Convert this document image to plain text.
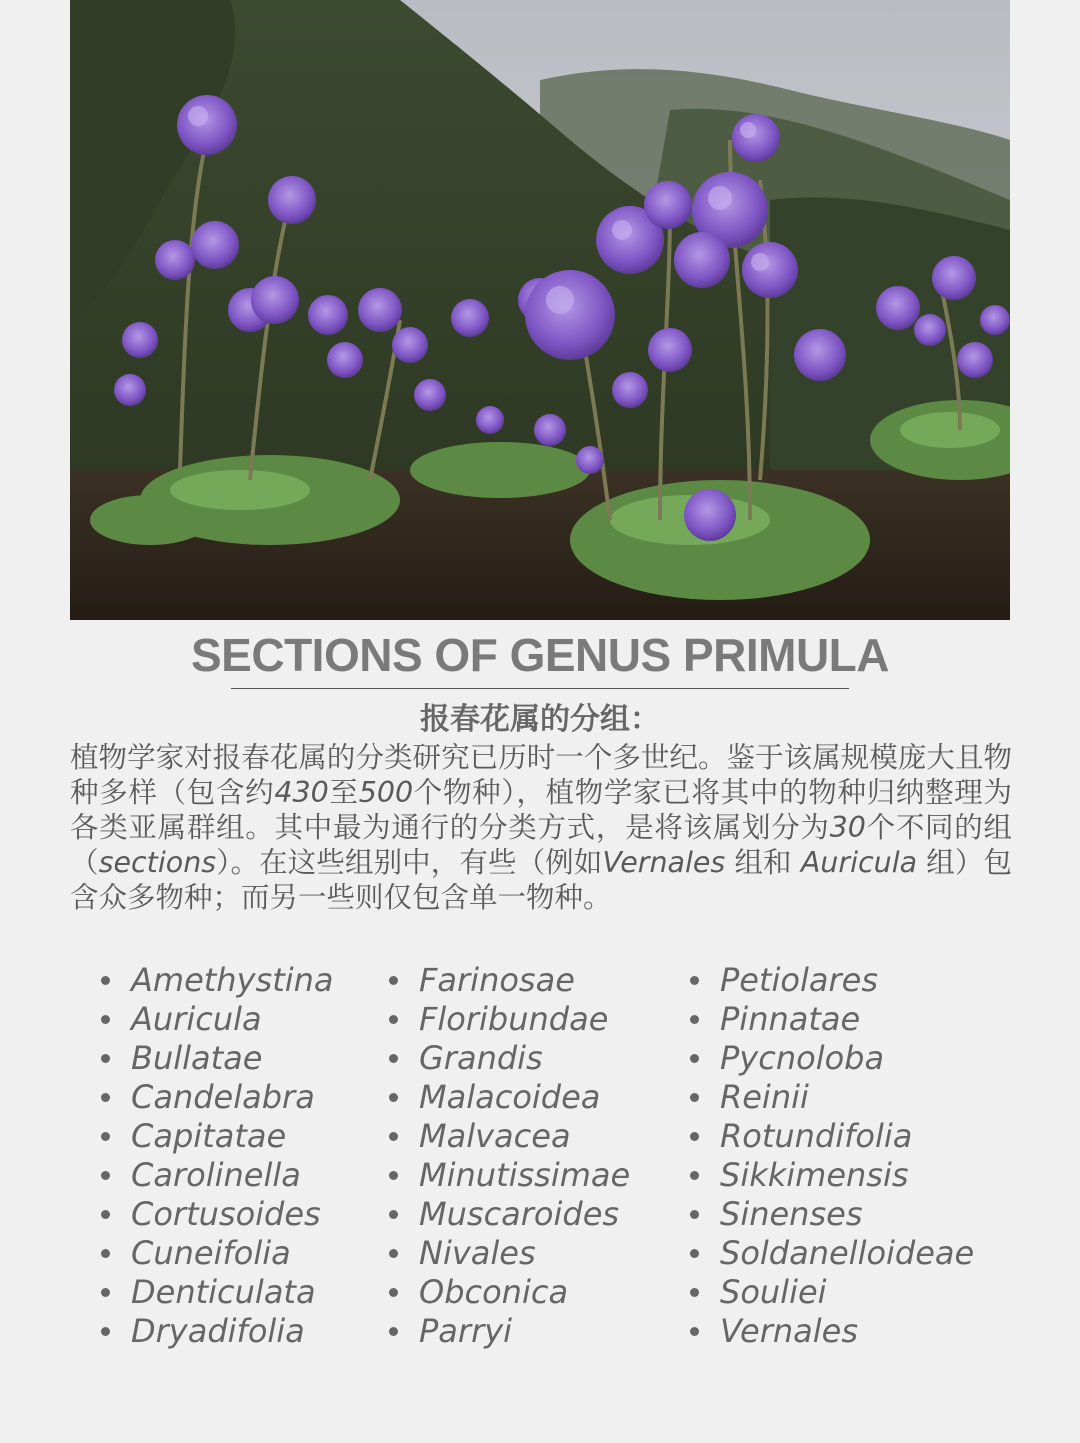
SECTIONS OF GENUS PRIMULA
报春花属的分组：
植物学家对报春花属的分类研究已历时一个多世纪。鉴于该属规模庞大且物种多样（包含约430至500个物种），植物学家已将其中的物种归纳整理为各类亚属群组。其中最为通行的分类方式，是将该属划分为30个不同的组（sections）。在这些组别中，有些（例如Vernales 组和 Auricula 组）包含众多物种；而另一些则仅包含单一物种。
Amethystina
Auricula
Bullatae
Candelabra
Capitatae
Carolinella
Cortusoides
Cuneifolia
Denticulata
Dryadifolia
Farinosae
Floribundae
Grandis
Malacoidea
Malvacea
Minutissimae
Muscaroides
Nivales
Obconica
Parryi
Petiolares
Pinnatae
Pycnoloba
Reinii
Rotundifolia
Sikkimensis
Sinenses
Soldanelloideae
Souliei
Vernales
